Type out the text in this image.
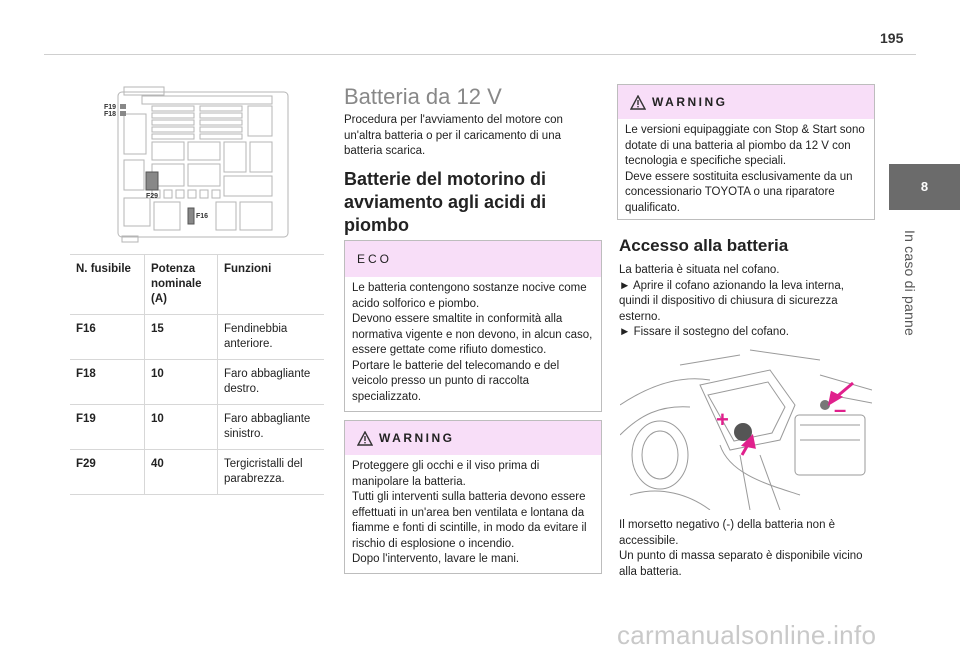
195
8
In caso di panne
F19
F18
F29
F16
N. fusibile	Potenza nominale (A)	Funzioni
F16	15	Fendinebbia anteriore.
F18	10	Faro abbagliante destro.
F19	10	Faro abbagliante sinistro.
F29	40	Tergicristalli del parabrezza.
Batteria da 12 V
Procedura per l'avviamento del motore con un'altra batteria o per il caricamento di una batteria scarica.
Batterie del motorino di avviamento agli acidi di piombo
ECO
Le batteria contengono sostanze nocive come acido solforico e piombo.
Devono essere smaltite in conformità alla normativa vigente e non devono, in alcun caso, essere gettate come rifiuto domestico.
Portare le batterie del telecomando e del veicolo presso un punto di raccolta specializzato.
WARNING
Proteggere gli occhi e il viso prima di manipolare la batteria.
Tutti gli interventi sulla batteria devono essere effettuati in un'area ben ventilata e lontana da fiamme e fonti di scintille, in modo da evitare il rischio di esplosione o incendio.
Dopo l'intervento, lavare le mani.
WARNING
Le versioni equipaggiate con Stop & Start sono dotate di una batteria al piombo da 12 V con tecnologia e specifiche speciali.
Deve essere sostituita esclusivamente da un concessionario TOYOTA o una riparatore qualificato.
Accesso alla batteria
La batteria è situata nel cofano.
► Aprire il cofano azionando la leva interna, quindi il dispositivo di chiusura di sicurezza esterno.
► Fissare il sostegno del cofano.
+	–
Il morsetto negativo (-) della batteria non è accessibile.
Un punto di massa separato è disponibile vicino alla batteria.
carmanualsonline.info
